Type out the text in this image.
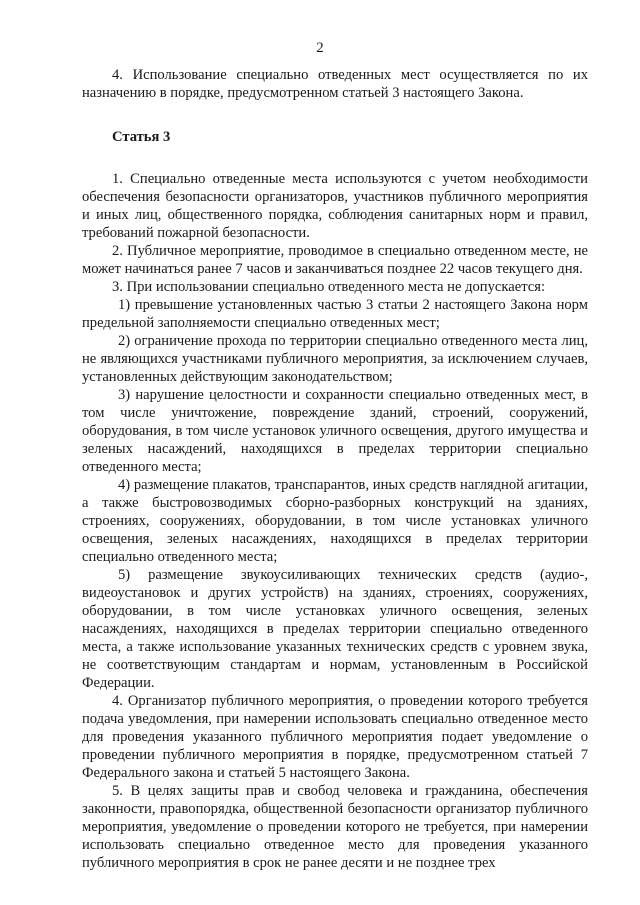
2

4. Использование специально отведенных мест осуществляется по их назначению в порядке, предусмотренном статьей 3 настоящего Закона.

Статья 3

1. Специально отведенные места используются с учетом необходимости обеспечения безопасности организаторов, участников публичного мероприятия и иных лиц, общественного порядка, соблюдения санитарных норм и правил, требований пожарной безопасности.

2. Публичное мероприятие, проводимое в специально отведенном месте, не может начинаться ранее 7 часов и заканчиваться позднее 22 часов текущего дня.

3. При использовании специально отведенного места не допускается:

1) превышение установленных частью 3 статьи 2 настоящего Закона норм предельной заполняемости специально отведенных мест;

2) ограничение прохода по территории специально отведенного места лиц, не являющихся участниками публичного мероприятия, за исключением случаев, установленных действующим законодательством;

3) нарушение целостности и сохранности специально отведенных мест, в том числе уничтожение, повреждение зданий, строений, сооружений, оборудования, в том числе установок уличного освещения, другого имущества и зеленых насаждений, находящихся в пределах территории специально отведенного места;

4) размещение плакатов, транспарантов, иных средств наглядной агитации, а также быстровозводимых сборно-разборных конструкций на зданиях, строениях, сооружениях, оборудовании, в том числе установках уличного освещения, зеленых насаждениях, находящихся в пределах территории специально отведенного места;

5) размещение звукоусиливающих технических средств (аудио-, видеоустановок и других устройств) на зданиях, строениях, сооружениях, оборудовании, в том числе установках уличного освещения, зеленых насаждениях, находящихся в пределах территории специально отведенного места, а также использование указанных технических средств с уровнем звука, не соответствующим стандартам и нормам, установленным в Российской Федерации.

4. Организатор публичного мероприятия, о проведении которого требуется подача уведомления, при намерении использовать специально отведенное место для проведения указанного публичного мероприятия подает уведомление о проведении публичного мероприятия в порядке, предусмотренном статьей 7 Федерального закона и статьей 5 настоящего Закона.

5. В целях защиты прав и свобод человека и гражданина, обеспечения законности, правопорядка, общественной безопасности организатор публичного мероприятия, уведомление о проведении которого не требуется, при намерении использовать специально отведенное место для проведения указанного публичного мероприятия в срок не ранее десяти и не позднее трех
